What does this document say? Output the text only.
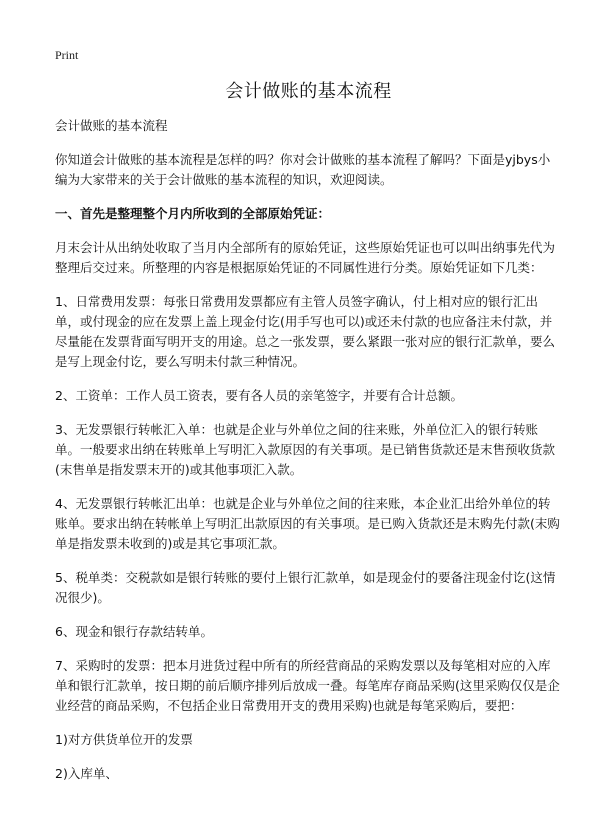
Print
会计做账的基本流程
会计做账的基本流程

你知道会计做账的基本流程是怎样的吗？你对会计做账的基本流程了解吗？下面是yjbys小编为大家带来的关于会计做账的基本流程的知识，欢迎阅读。

一、首先是整理整个月内所收到的全部原始凭证：

月末会计从出纳处收取了当月内全部所有的原始凭证，这些原始凭证也可以叫出纳事先代为整理后交过来。所整理的内容是根据原始凭证的不同属性进行分类。原始凭证如下几类：

1、日常费用发票：每张日常费用发票都应有主管人员签字确认，付上相对应的银行汇出单，或付现金的应在发票上盖上现金付讫(用手写也可以)或还未付款的也应备注未付款，并尽量能在发票背面写明开支的用途。总之一张发票，要么紧跟一张对应的银行汇款单，要么是写上现金付讫，要么写明未付款三种情况。

2、工资单：工作人员工资表，要有各人员的亲笔签字，并要有合计总额。

3、无发票银行转帐汇入单：也就是企业与外单位之间的往来账，外单位汇入的银行转账单。一般要求出纳在转账单上写明汇入款原因的有关事项。是已销售货款还是末售预收货款(末售单是指发票末开的)或其他事项汇入款。

4、无发票银行转帐汇出单：也就是企业与外单位之间的往来账，本企业汇出给外单位的转账单。要求出纳在转帐单上写明汇出款原因的有关事项。是已购入货款还是末购先付款(末购单是指发票未收到的)或是其它事项汇款。

5、税单类：交税款如是银行转账的要付上银行汇款单，如是现金付的要备注现金付讫(这情况很少)。

6、现金和银行存款结转单。

7、采购时的发票：把本月进货过程中所有的所经营商品的采购发票以及每笔相对应的入库单和银行汇款单，按日期的前后顺序排列后放成一叠。每笔库存商品采购(这里采购仅仅是企业经营的商品采购，不包括企业日常费用开支的费用采购)也就是每笔采购后，要把：

1)对方供货单位开的发票

2)入库单、
